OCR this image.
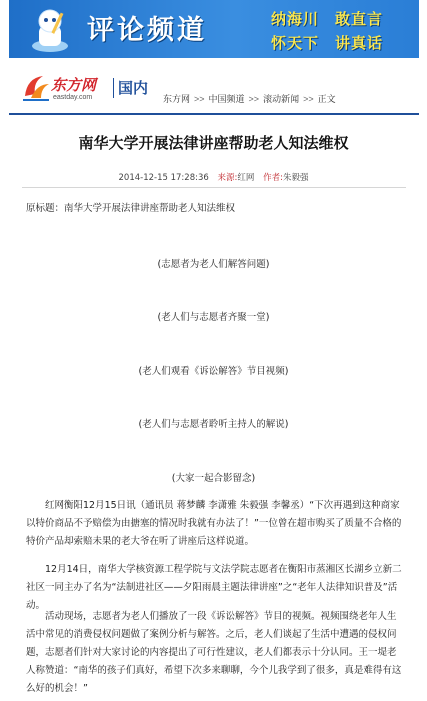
评论频道	纳海川 敢直言
怀天下 讲真话
东方网
eastday.com
国内
东方网 >> 中国频道 >> 滚动新闻 >> 正文
南华大学开展法律讲座帮助老人知法维权
2014-12-15 17:28:36 来源:红网 作者:朱毅强
原标题：南华大学开展法律讲座帮助老人知法维权
(志愿者为老人们解答问题)
(老人们与志愿者齐聚一堂)
(老人们观看《诉讼解答》节目视频)
(老人们与志愿者聆听主持人的解说)
(大家一起合影留念)
红网衡阳12月15日讯（通讯员 蒋梦麟 李潇雅 朱毅强 李馨丞）“下次再遇到这种商家以特价商品不予赔偿为由搪塞的情况时我就有办法了！”一位曾在超市购买了质量不合格的特价产品却索赔未果的老大爷在听了讲座后这样说道。
12月14日，南华大学核资源工程学院与文法学院志愿者在衡阳市蒸湘区长湖乡立新二社区一同主办了名为“法制进社区——夕阳雨晨主题法律讲座”之“老年人法律知识普及”活动。
活动现场，志愿者为老人们播放了一段《诉讼解答》节目的视频。视频围绕老年人生活中常见的消费侵权问题做了案例分析与解答。之后，老人们谈起了生活中遭遇的侵权问题，志愿者们针对大家讨论的内容提出了可行性建议，老人们都表示十分认同。王一堤老人称赞道：“南华的孩子们真好，希望下次多来聊聊，今个儿我学到了很多，真是难得有这么好的机会！”
